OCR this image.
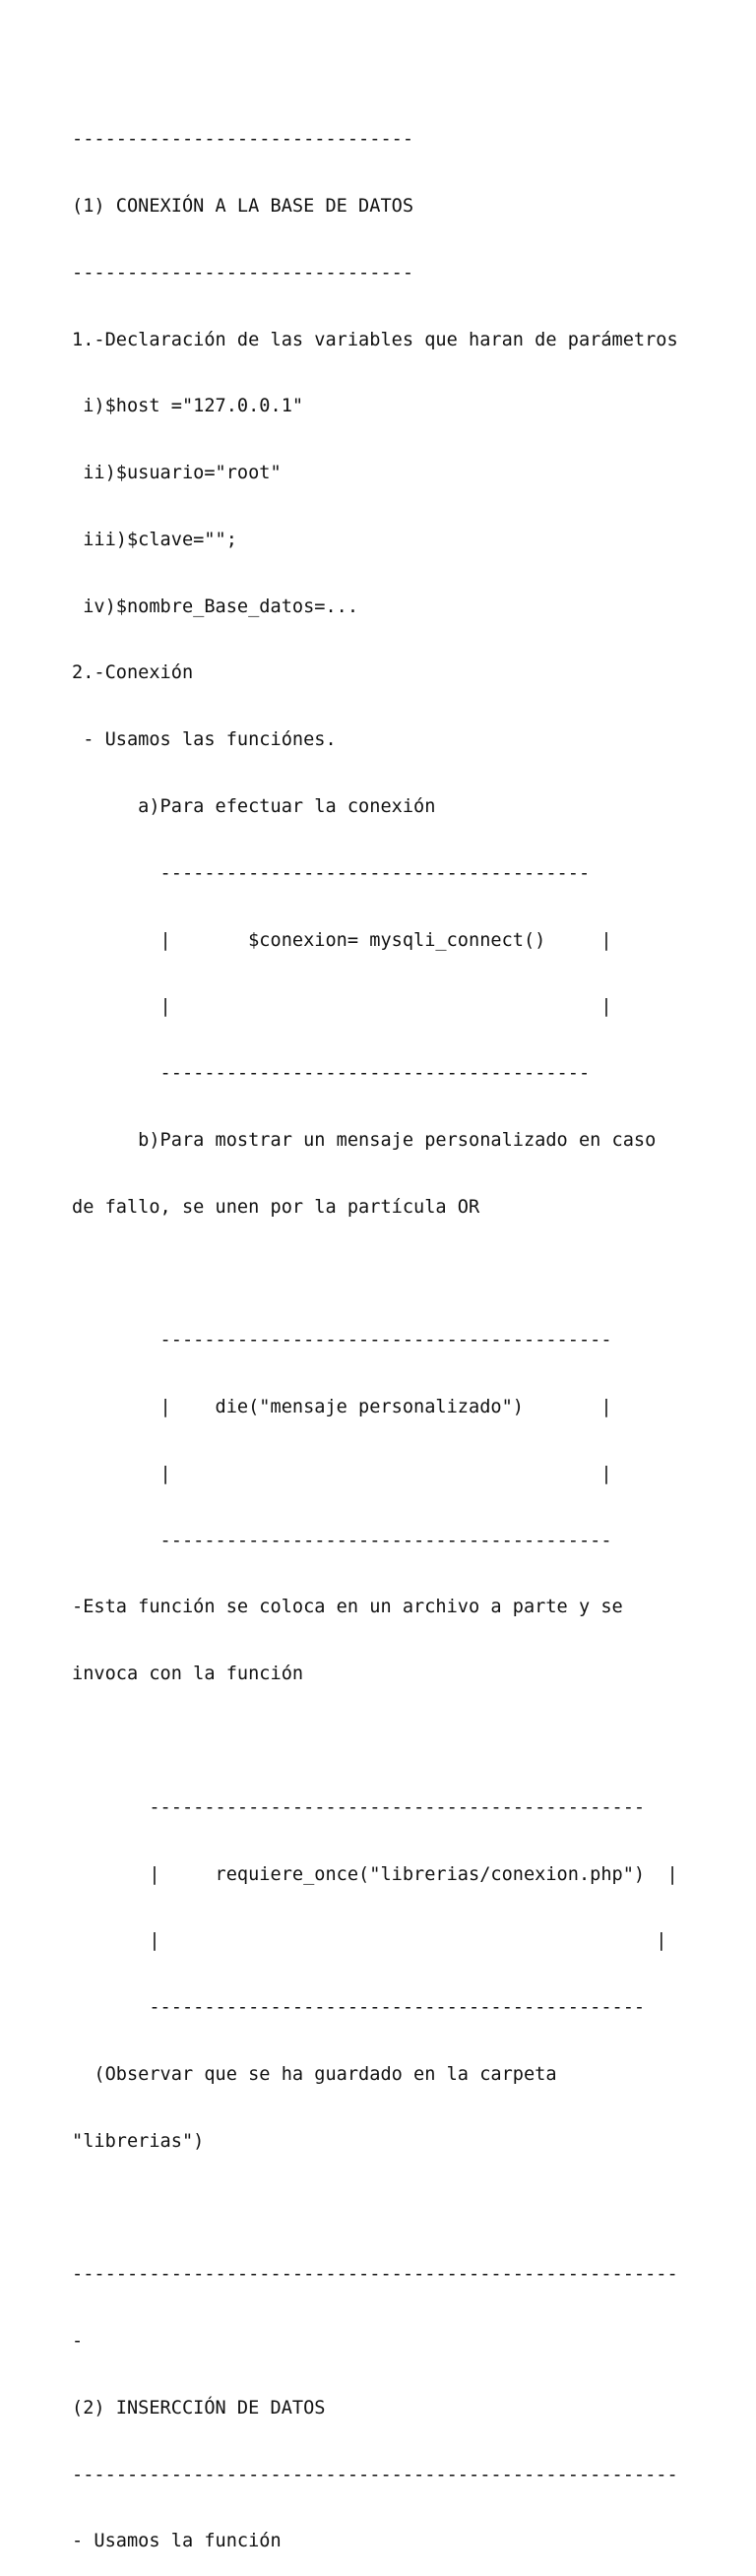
-------------------------------

(1) CONEXIÓN A LA BASE DE DATOS

-------------------------------

1.-Declaración de las variables que haran de parámetros

i)$host ="127.0.0.1"

ii)$usuario="root"

iii)$clave="";

iv)$nombre_Base_datos=...

2.-Conexión

- Usamos las funciónes.

a)Para efectuar la conexión

---------------------------------------

|       $conexion= mysqli_connect()     |

|                                       |

---------------------------------------

b)Para mostrar un mensaje personalizado en caso

de fallo, se unen por la partícula OR

-----------------------------------------

|    die("mensaje personalizado")       |

|                                       |

-----------------------------------------

-Esta función se coloca en un archivo a parte y se

invoca con la función

---------------------------------------------

|     requiere_once("librerias/conexion.php")  |

|                                             |

---------------------------------------------

(Observar que se ha guardado en la carpeta

"librerias")

-------------------------------------------------------

-

(2) INSERCCIÓN DE DATOS

-------------------------------------------------------

- Usamos la función
